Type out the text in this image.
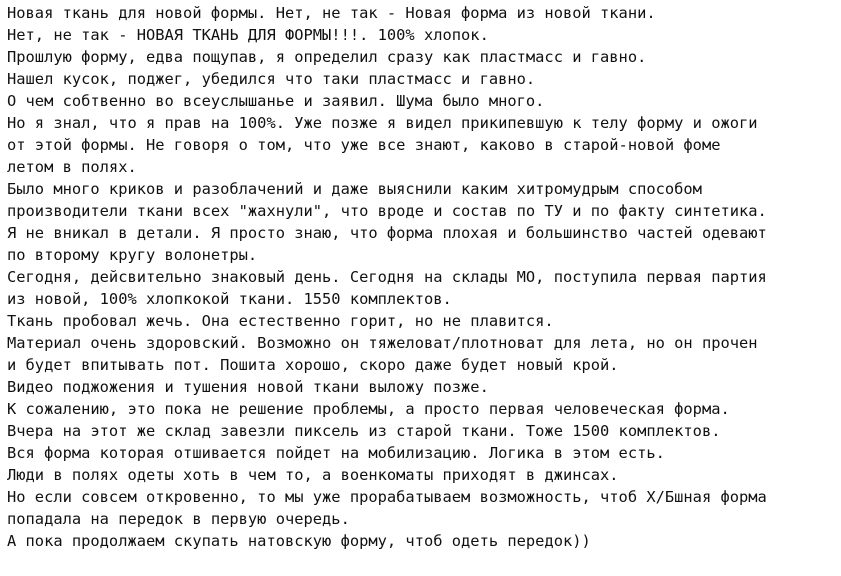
Новая ткань для новой формы. Нет, не так - Новая форма из новой ткани.
Нет, не так - НОВАЯ ТКАНЬ ДЛЯ ФОРМЫ!!!. 100% хлопок.
Прошлую форму, едва пощупав, я определил сразу как пластмасс и гавно.
Нашел кусок, поджег, убедился что таки пластмасс и гавно.
О чем собтвенно во всеуслышанье и заявил. Шума было много.
Но я знал, что я прав на 100%. Уже позже я видел прикипевшую к телу форму и ожоги
от этой формы. Не говоря о том, что уже все знают, каково в старой-новой фоме
летом в полях.
Было много криков и разоблачений и даже выяснили каким хитромудрым способом
производители ткани всех "жахнули", что вроде и состав по ТУ и по факту синтетика.
Я не вникал в детали. Я просто знаю, что форма плохая и большинство частей одевают
по второму кругу волонетры.
Сегодня, дейсвительно знаковый день. Сегодня на склады МО, поступила первая партия
из новой, 100% хлопкокой ткани. 1550 комплектов.
Ткань пробовал жечь. Она естественно горит, но не плавится.
Материал очень здоровский. Возможно он тяжеловат/плотноват для лета, но он прочен
и будет впитывать пот. Пошита хорошо, скоро даже будет новый крой.
Видео поджожения и тушения новой ткани выложу позже.
К сожалению, это пока не решение проблемы, а просто первая человеческая форма.
Вчера на этот же склад завезли пиксель из старой ткани. Тоже 1500 комплектов.
Вся форма которая отшивается пойдет на мобилизацию. Логика в этом есть.
Люди в полях одеты хоть в чем то, а военкоматы приходят в джинсах.
Но если совсем откровенно, то мы уже прорабатываем возможность, чтоб Х/Бшная форма
попадала на передок в первую очередь.
А пока продолжаем скупать натовскую форму, чтоб одеть передок))
